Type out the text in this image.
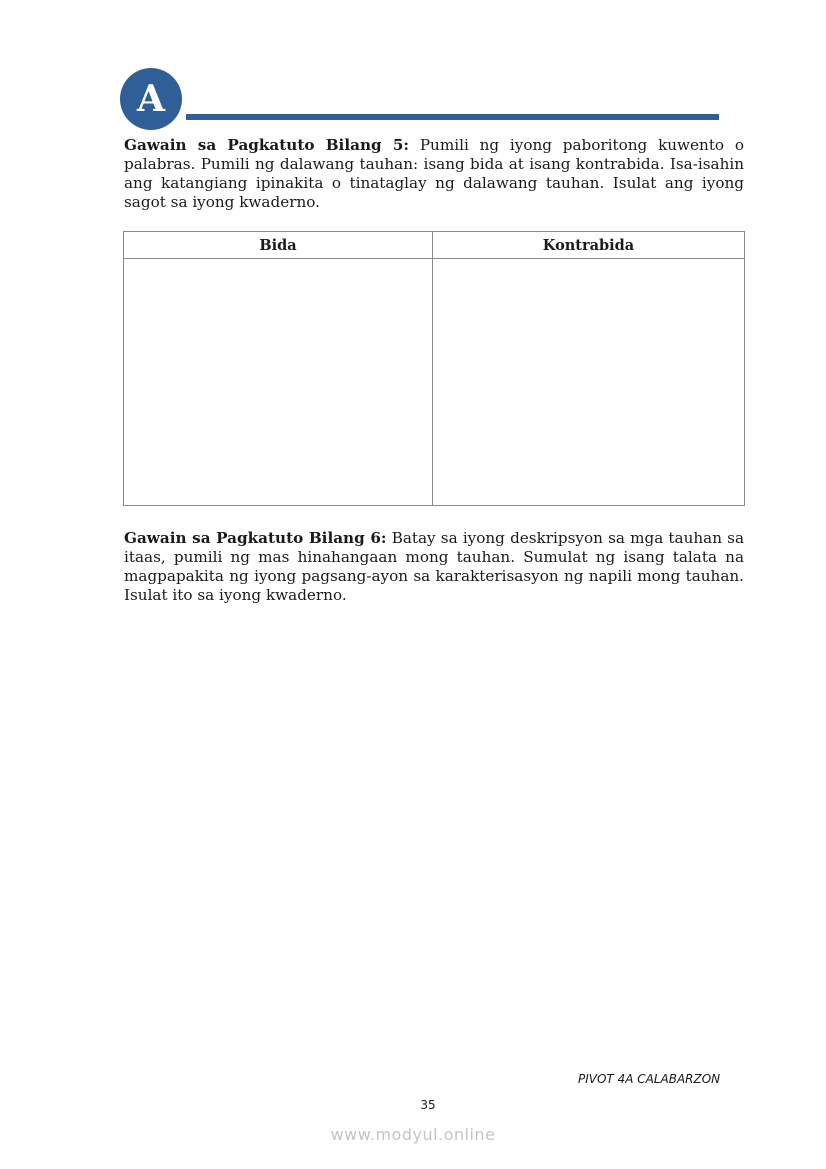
A

Gawain sa Pagkatuto Bilang 5: Pumili ng iyong paboritong kuwento o palabras. Pumili ng dalawang tauhan: isang bida at isang kontrabida. Isa-isahin ang katangiang ipinakita o tinataglay ng dalawang tauhan. Isulat ang iyong sagot sa iyong kwaderno.

Bida	Kontrabida

Gawain sa Pagkatuto Bilang 6: Batay sa iyong deskripsyon sa mga tauhan sa itaas, pumili ng mas hinahangaan mong tauhan. Sumulat ng isang talata na magpapakita ng iyong pagsang-ayon sa karakterisasyon ng napili mong tauhan. Isulat ito sa iyong kwaderno.

PIVOT 4A CALABARZON
35
www.modyul.online
